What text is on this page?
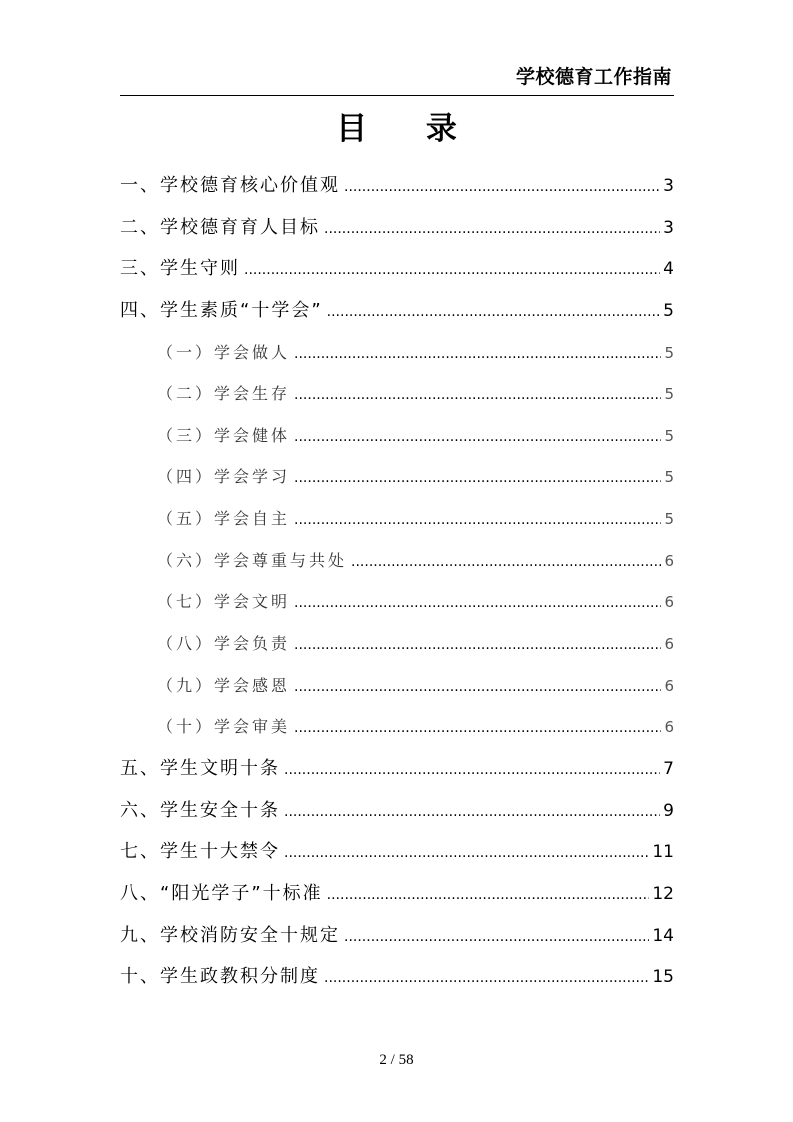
学校德育工作指南
目 录
一、学校德育核心价值观 .....	3
二、学校德育育人目标 .....	3
三、学生守则 .....	4
四、学生素质“十学会” .....	5
（一）学会做人 .....	5
（二）学会生存 .....	5
（三）学会健体 .....	5
（四）学会学习 .....	5
（五）学会自主 .....	5
（六）学会尊重与共处 .....	6
（七）学会文明 .....	6
（八）学会负责 .....	6
（九）学会感恩 .....	6
（十）学会审美 .....	6
五、学生文明十条 .....	7
六、学生安全十条 .....	9
七、学生十大禁令 .....	11
八、“阳光学子”十标准 .....	12
九、学校消防安全十规定 .....	14
十、学生政教积分制度 .....	15
2 / 58
